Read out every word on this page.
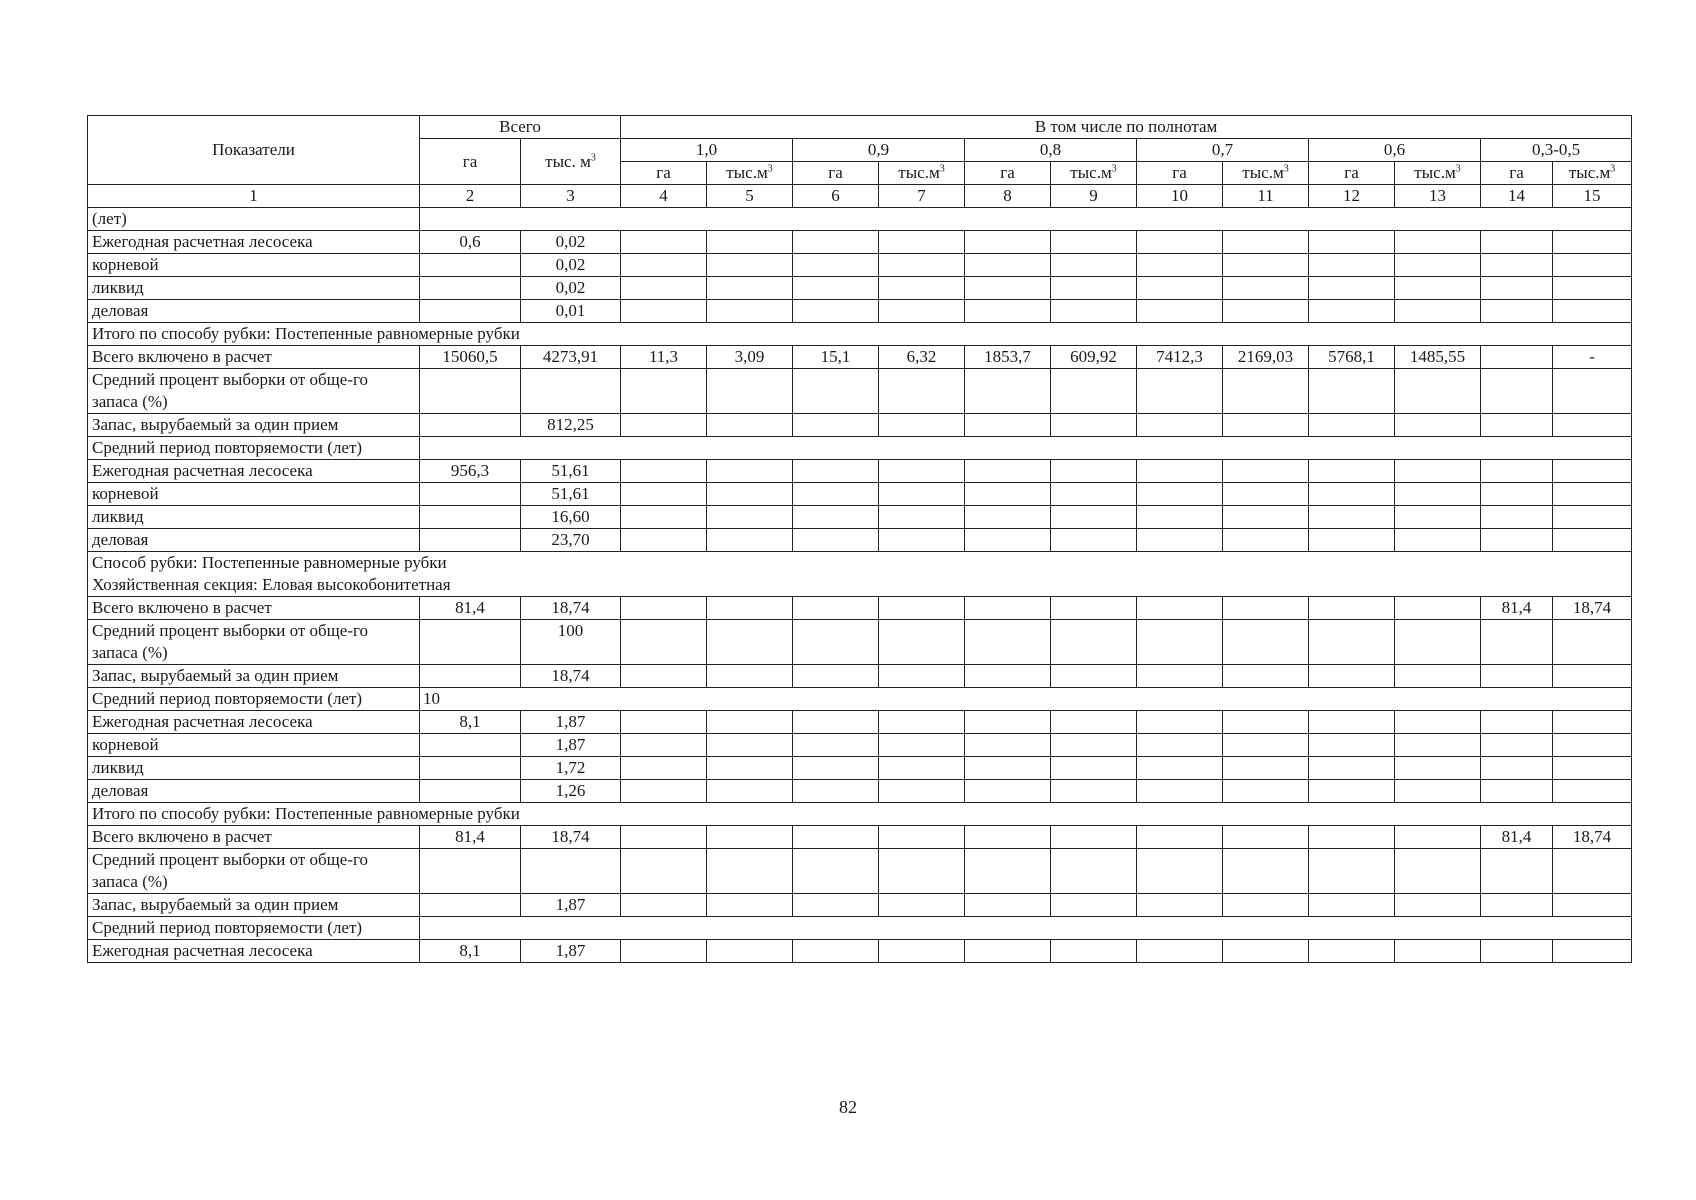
Показатели	Всего		В том числе по полнотам											
	га	тыс. $м^3$	1,0		0,9		0,8		0,7		0,6		0,3-0,5	
			га	$тыс.м^3$	га	$тыс.м^3$	га	$тыс.м^3$	га	$тыс.м^3$	га	$тыс.м^3$	га	$тыс.м^3$
1	2	3	4	5	6	7	8	9	10	11	12	13	14	15
(лет)														
Ежегодная расчетная лесосека	0,6	0,02												
корневой		0,02												
ликвид		0,02												
деловая		0,01												
Итого по способу рубки: Постепенные равномерные рубки														
Всего включено в расчет	15060,5	4273,91	11,3	3,09	15,1	6,32	1853,7	609,92	7412,3	2169,03	5768,1	1485,55		-
Средний процент выборки от обще-го запаса (%)														
Запас, вырубаемый за один прием		812,25												
Средний период повторяемости (лет)														
Ежегодная расчетная лесосека	956,3	51,61												
корневой		51,61												
ликвид		16,60												
деловая		23,70												

Способ рубки: Постепенные равномерные рубки
Хозяйственная секция: Еловая высокобонитетная														

Всего включено в расчет	81,4	18,74											81,4	18,74
Средний процент выборки от обще-го запаса (%)		100												
Запас, вырубаемый за один прием		18,74												
Средний период повторяемости (лет)	10													
Ежегодная расчетная лесосека	8,1	1,87												
корневой		1,87												
ликвид		1,72												
деловая		1,26												
Итого по способу рубки: Постепенные равномерные рубки														
Всего включено в расчет	81,4	18,74											81,4	18,74
Средний процент выборки от обще-го запаса (%)														
Запас, вырубаемый за один прием		1,87												
Средний период повторяемости (лет)														
Ежегодная расчетная лесосека	8,1	1,87												
82
